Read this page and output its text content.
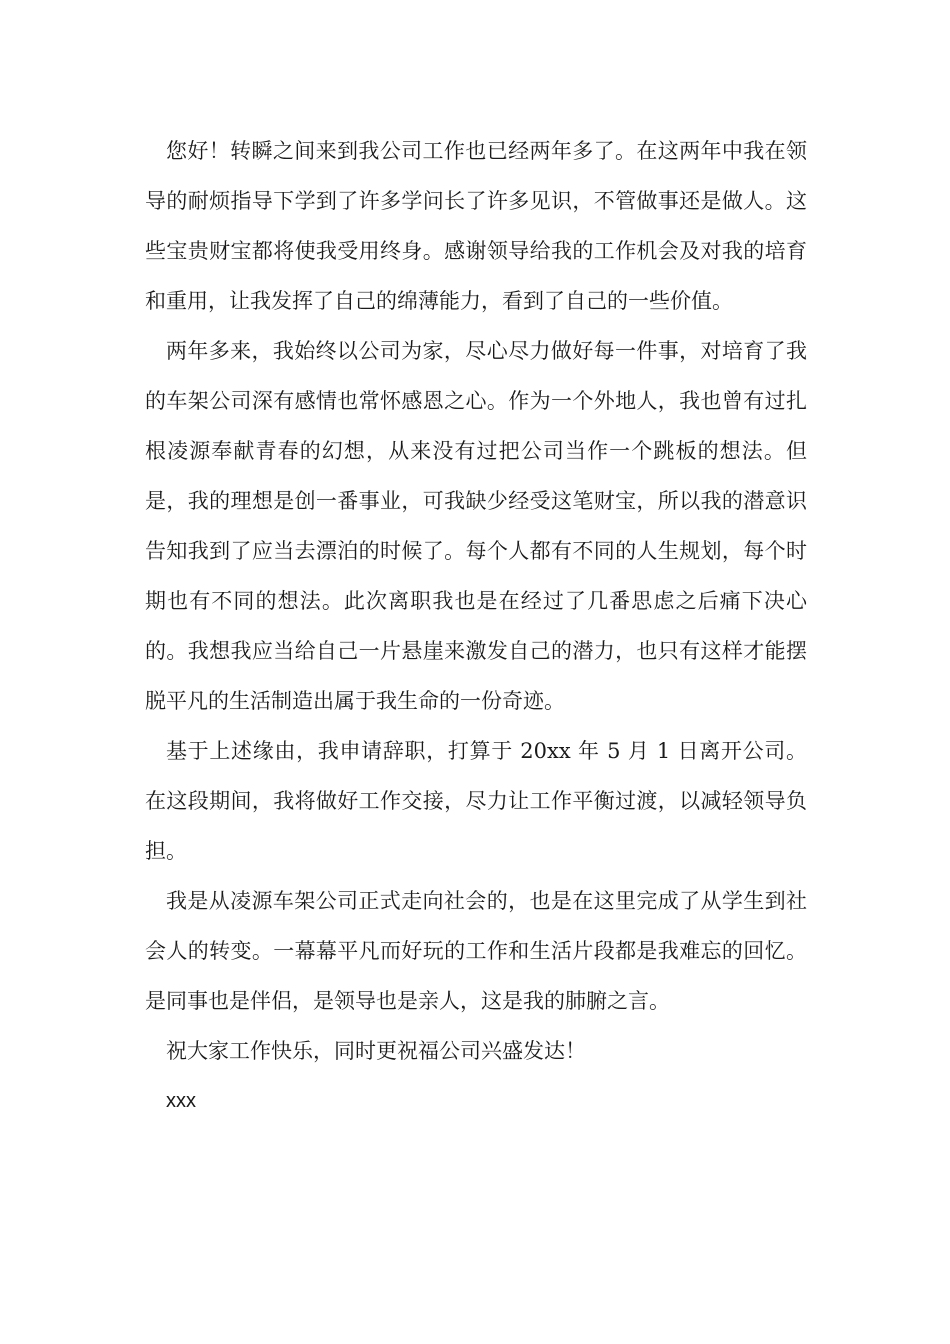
您好！转瞬之间来到我公司工作也已经两年多了。在这两年中我在领导的耐烦指导下学到了许多学问长了许多见识，不管做事还是做人。这些宝贵财宝都将使我受用终身。感谢领导给我的工作机会及对我的培育和重用，让我发挥了自己的绵薄能力，看到了自己的一些价值。

两年多来，我始终以公司为家，尽心尽力做好每一件事，对培育了我的车架公司深有感情也常怀感恩之心。作为一个外地人，我也曾有过扎根凌源奉献青春的幻想，从来没有过把公司当作一个跳板的想法。但是，我的理想是创一番事业，可我缺少经受这笔财宝，所以我的潜意识告知我到了应当去漂泊的时候了。每个人都有不同的人生规划，每个时期也有不同的想法。此次离职我也是在经过了几番思虑之后痛下决心的。我想我应当给自己一片悬崖来激发自己的潜力，也只有这样才能摆脱平凡的生活制造出属于我生命的一份奇迹。

基于上述缘由，我申请辞职，打算于 20xx 年 5 月 1 日离开公司。在这段期间，我将做好工作交接，尽力让工作平衡过渡，以减轻领导负担。

我是从凌源车架公司正式走向社会的，也是在这里完成了从学生到社会人的转变。一幕幕平凡而好玩的工作和生活片段都是我难忘的回忆。是同事也是伴侣，是领导也是亲人，这是我的肺腑之言。

祝大家工作快乐，同时更祝福公司兴盛发达！

xxx
